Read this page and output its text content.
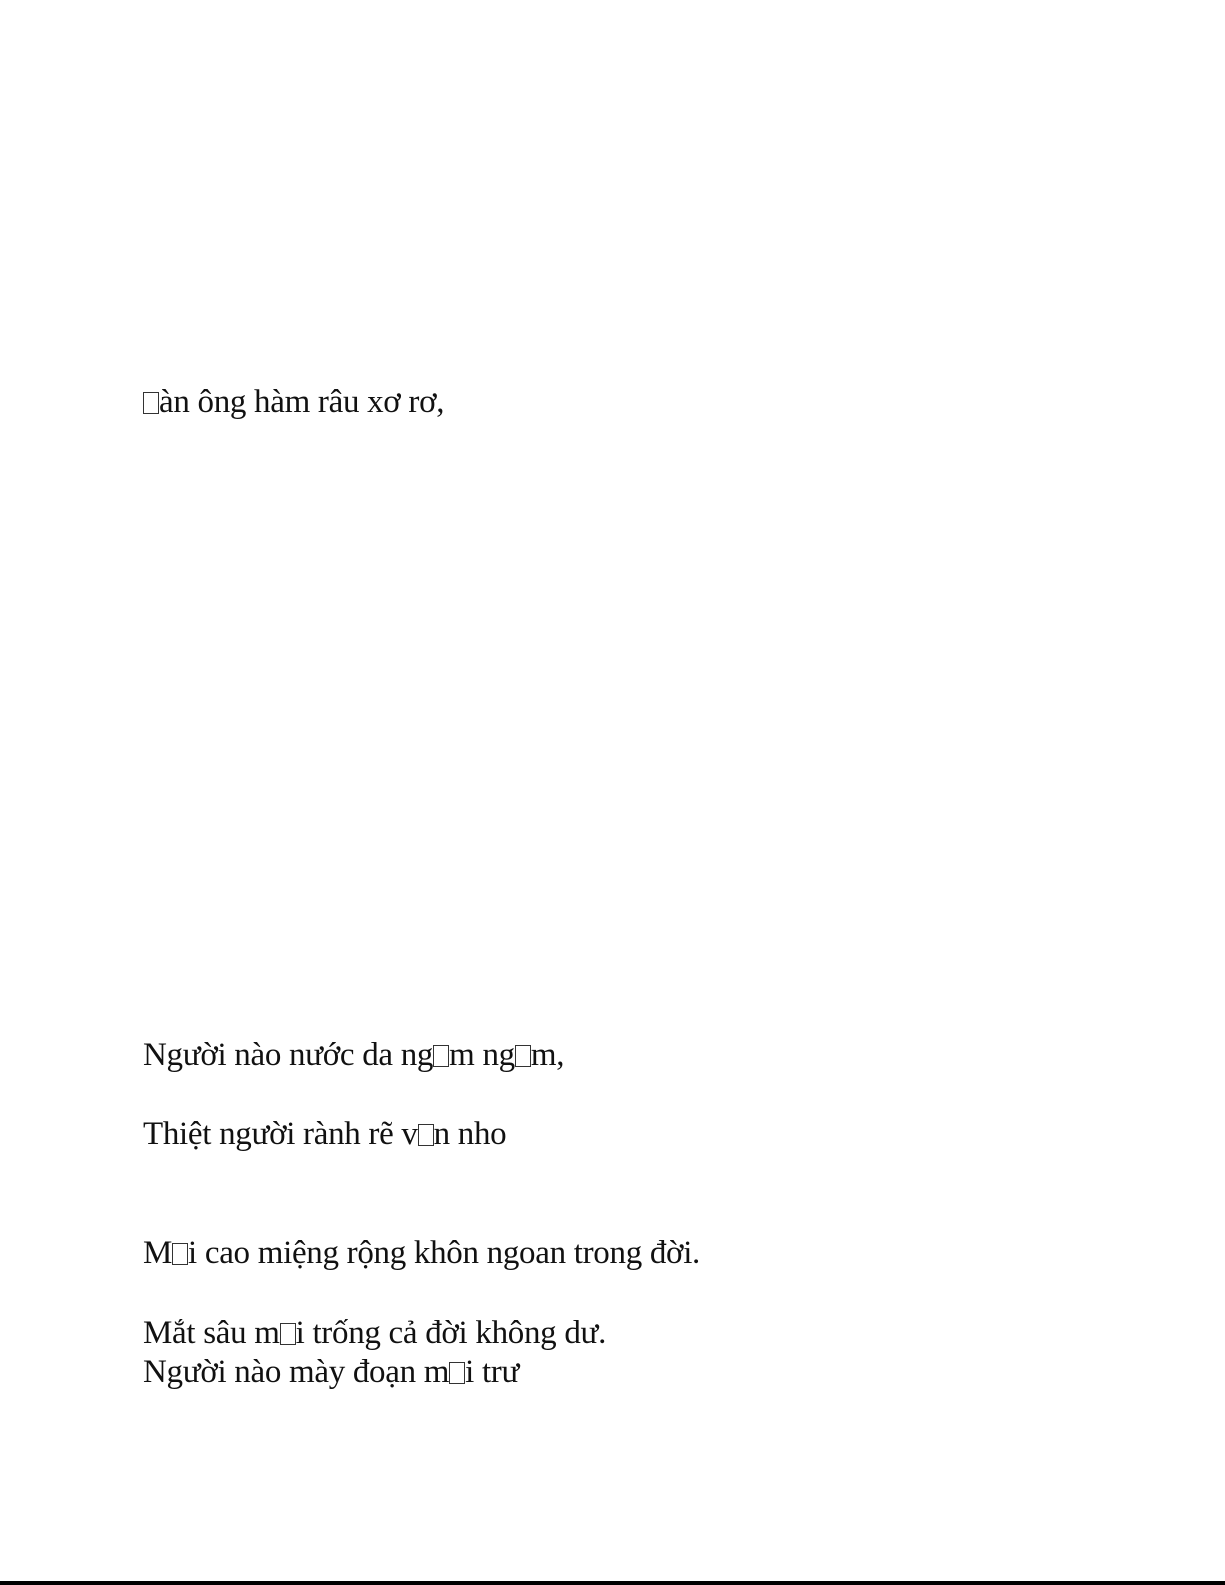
àn ông hàm râu xơ rơ,
Người nào nước da ng m ng m,
Thiệt người rành rẽ v n nho
M i cao miệng rộng khôn ngoan trong đời.
Mắt sâu m i trống cả đời không dư.
Người nào mày đoạn m i trư
